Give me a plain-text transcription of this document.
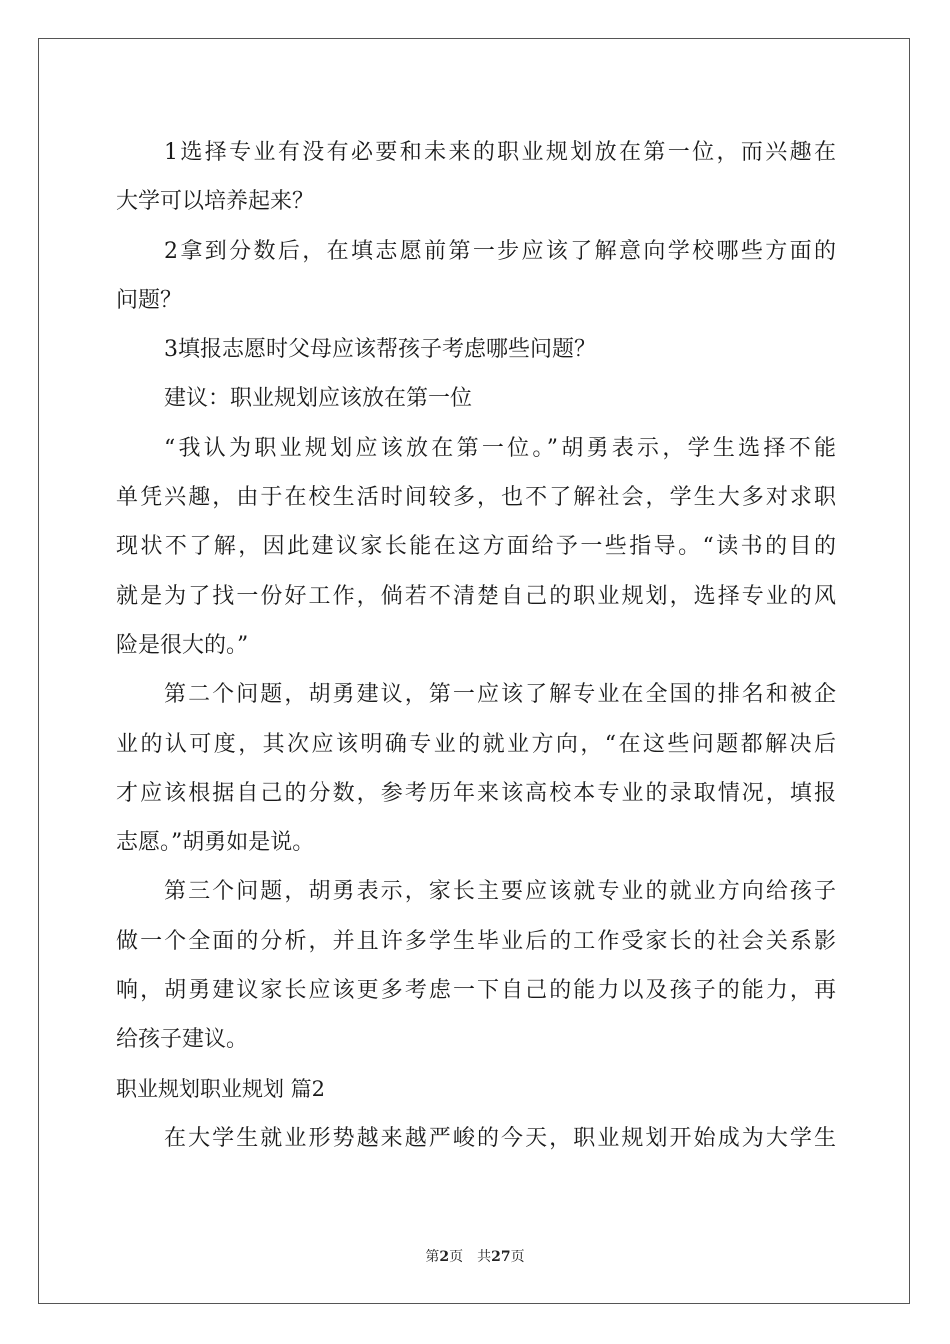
1选择专业有没有必要和未来的职业规划放在第一位，而兴趣在
大学可以培养起来？
2拿到分数后，在填志愿前第一步应该了解意向学校哪些方面的
问题？
3填报志愿时父母应该帮孩子考虑哪些问题？
建议：职业规划应该放在第一位
“我认为职业规划应该放在第一位。”胡勇表示，学生选择不能
单凭兴趣，由于在校生活时间较多，也不了解社会，学生大多对求职
现状不了解，因此建议家长能在这方面给予一些指导。“读书的目的
就是为了找一份好工作，倘若不清楚自己的职业规划，选择专业的风
险是很大的。”
第二个问题，胡勇建议，第一应该了解专业在全国的排名和被企
业的认可度，其次应该明确专业的就业方向，“在这些问题都解决后
才应该根据自己的分数，参考历年来该高校本专业的录取情况，填报
志愿。”胡勇如是说。
第三个问题，胡勇表示，家长主要应该就专业的就业方向给孩子
做一个全面的分析，并且许多学生毕业后的工作受家长的社会关系影
响，胡勇建议家长应该更多考虑一下自己的能力以及孩子的能力，再
给孩子建议。
职业规划职业规划 篇2
在大学生就业形势越来越严峻的今天，职业规划开始成为大学生
第2页　共27页
